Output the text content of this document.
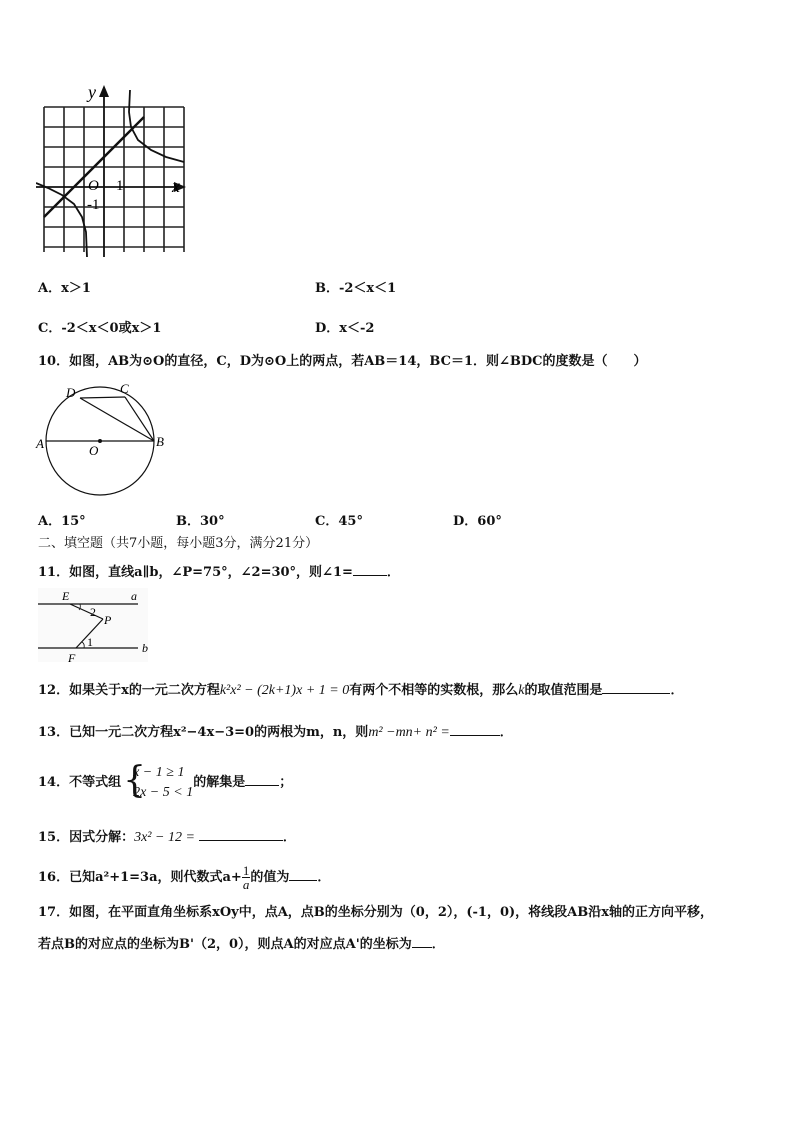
y
x
O 1
-1
A．x＞1	B．-2＜x＜1
C．-2＜x＜0或x＞1	D．x＜-2
10．如图，AB为⊙O的直径，C，D为⊙O上的两点，若AB＝14，BC＝1．则∠BDC的度数是（　　）
A	B
C
D
O
A．15°	B．30°	C．45°	D．60°
二、填空题（共7小题，每小题3分，满分21分）
11．如图，直线a∥b，∠P=75°，∠2=30°，则∠1=	．
E	a
2
P
1
F
b
12．如果关于x的一元二次方程k²x² − (2k+1)x + 1 = 0有两个不相等的实数根，那么k的取值范围是	．
13．已知一元二次方程x²−4x−3=0的两根为m，n，则m² −mn+ n² =	．
14．不等式组 {
x − 1 ≥ 1
2x − 5 < 1
的解集是	；
15．因式分解：3x² − 12 =	．
16．已知a²+1=3a，则代数式$a+ \frac{1}{a}$ 的值为 ．
17．如图，在平面直角坐标系xOy中，点A，点B的坐标分别为（0，2），(-1，0)，将线段AB沿x轴的正方向平移，
若点B的对应点的坐标为B'（2，0），则点A的对应点A'的坐标为 ．
